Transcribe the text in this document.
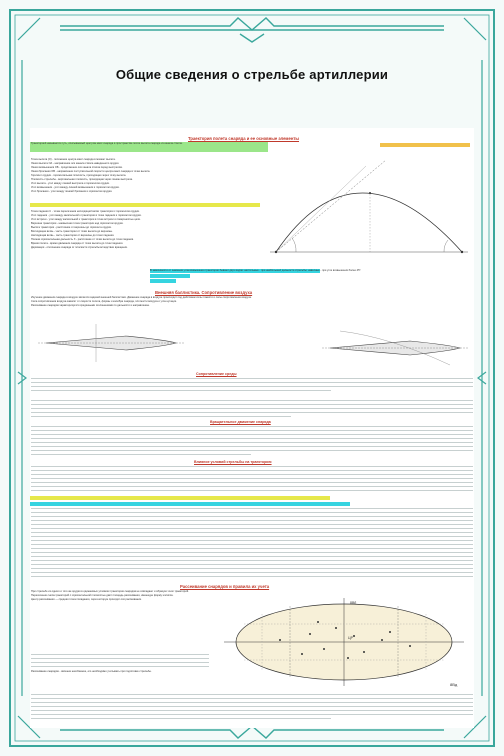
Общие сведения о стрельбе артиллерии
Траектория полета снаряда и ее основные элементы
Траекторией называется путь, описываемый центром масс снаряда в пространстве после вылета снаряда из канала ствола.

Точка вылета (О) - положение центра масс снаряда в момент вылета.

Линия вылета ОА - направление оси канала ствола наведенного орудия.

Линия возвышения ОБ - продолжение оси канала ствола перед выстрелом.

Линия бросания ОВ - направление поступательной скорости центра масс снаряда в точке вылета.

Горизонт орудия - горизонтальная плоскость, проходящая через точку вылета.

Плоскость стрельбы - вертикальная плоскость, проходящая через линию выстрела.

Угол вылета - угол между линией выстрела и горизонтом орудия.

Угол возвышения - угол между линией возвышения и горизонтом орудия.

Угол бросания - угол между линией бросания и горизонтом орудия.

Точка падения С - точка пересечения нисходящей ветви траектории с горизонтом орудия.

Угол падения - угол между касательной к траектории в точке падения и горизонтом орудия.

Угол встречи - угол между касательной к траектории в точке встречи и поверхностью цели.

Вершина траектории - наивысшая точка траектории над горизонтом орудия.

Высота траектории - расстояние от вершины до горизонта орудия.

Восходящая ветвь - часть траектории от точки вылета до вершины.

Нисходящая ветвь - часть траектории от вершины до точки падения.

Полная горизонтальная дальность Х - расстояние от точки вылета до точки падения.

Время полета - время движения снаряда от точки вылета до точки падения.

Деривация - отклонение снаряда от плоскости стрельбы вследствие вращения.

В зависимости от значения угла возвышения траектории бывают двух видов: настильные - при наибольшей дальности стрельбы; навесные - при угле возвышения более 45°.
Внешняя баллистика. Сопротивление воздуха

Изучение движения снаряда в воздухе является задачей внешней баллистики. Движение снаряда в воздухе происходит под действием силы тяжести и силы сопротивления воздуха.

Сила сопротивления воздуха зависит от скорости полета, формы и калибра снаряда, плотности воздуха и угла нутации.

Рассеивание снарядов характеризуется срединными отклонениями по дальности и направлению.

Сопротивление среды
Вращательное движение снаряда
Влияние условий стрельбы на траекторию
Рассеивание снарядов и правила их учета

При стрельбе из одного и того же орудия в одинаковых условиях траектории снарядов не совпадают и образуют сноп траекторий.

Пересечение снопа траекторий с горизонтальной плоскостью даёт площадь рассеивания, имеющую форму эллипса.

Центр рассеивания — средняя точка попадания, через которую проходят оси рассеивания.

Рассеивание снарядов - явление неизбежное, его необходимо учитывать при подготовке стрельбы.
ЦР
8Вд
8Вб
